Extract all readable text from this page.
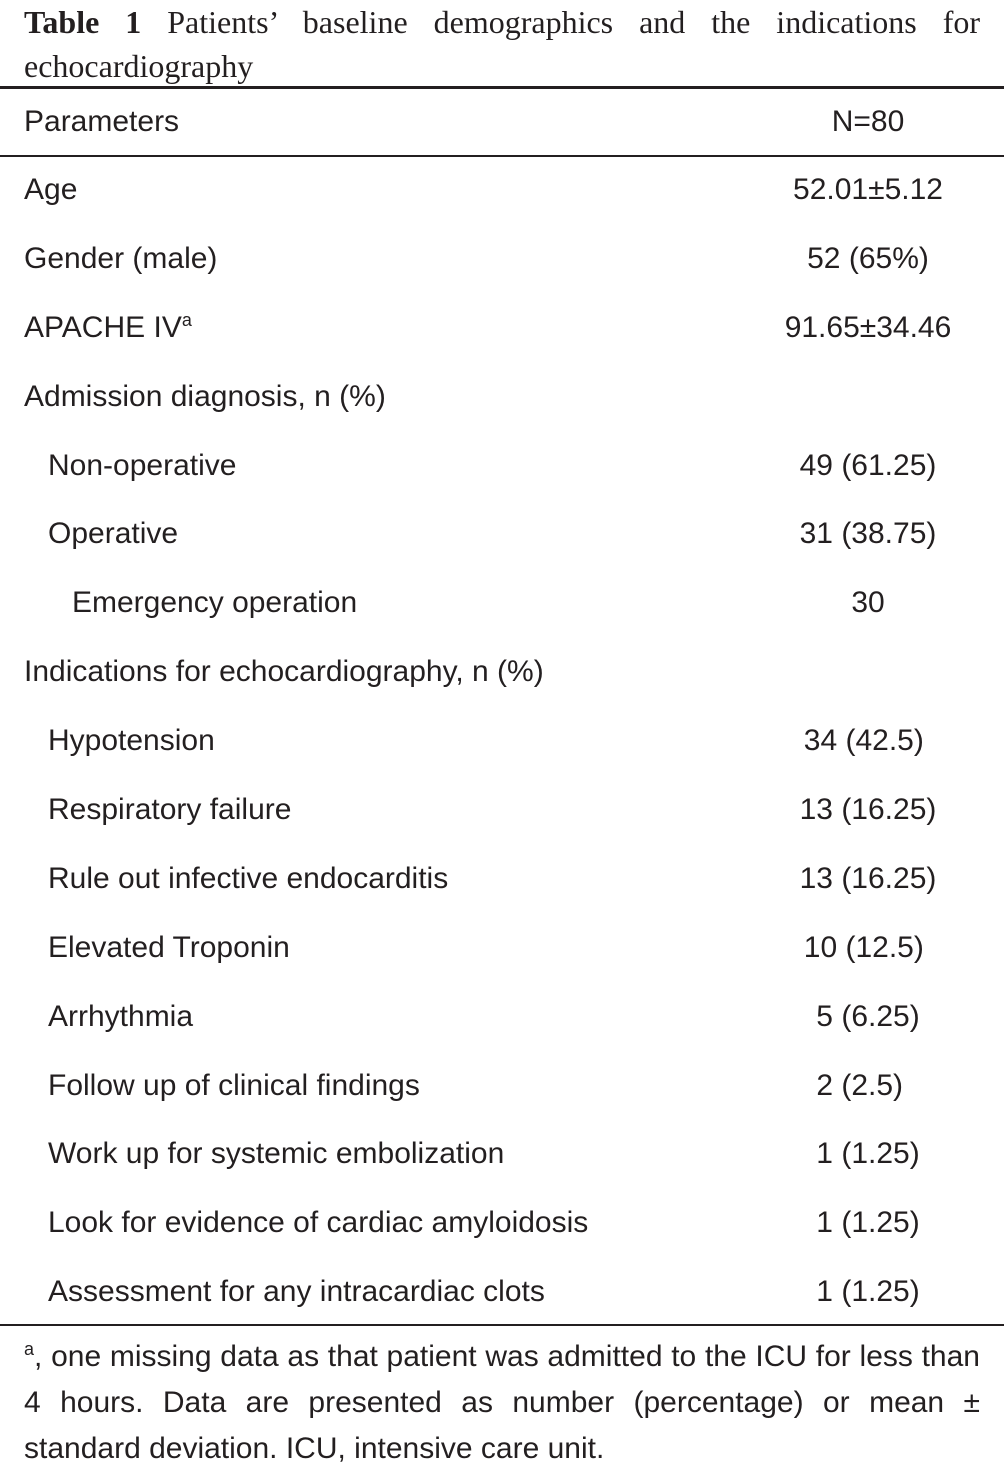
Table 1 Patients’ baseline demographics and the indications for echocardiography
Parameters	N=80
Age	52.01±5.12
Gender (male)	52 (65%)
APACHE $IV^a$	91.65±34.46
Admission diagnosis, n (%)
Non-operative	49 (61.25)
Operative	31 (38.75)
Emergency operation	30
Indications for echocardiography, n (%)
Hypotension	34 (42.5)
Respiratory failure	13 (16.25)
Rule out infective endocarditis	13 (16.25)
Elevated Troponin	10 (12.5)
Arrhythmia	5 (6.25)
Follow up of clinical findings	2 (2.5)
Work up for systemic embolization	1 (1.25)
Look for evidence of cardiac amyloidosis	1 (1.25)
Assessment for any intracardiac clots	1 (1.25)
$^a$, one missing data as that patient was admitted to the ICU for less than 4 hours. Data are presented as number (percentage) or mean ± standard deviation. ICU, intensive care unit.
